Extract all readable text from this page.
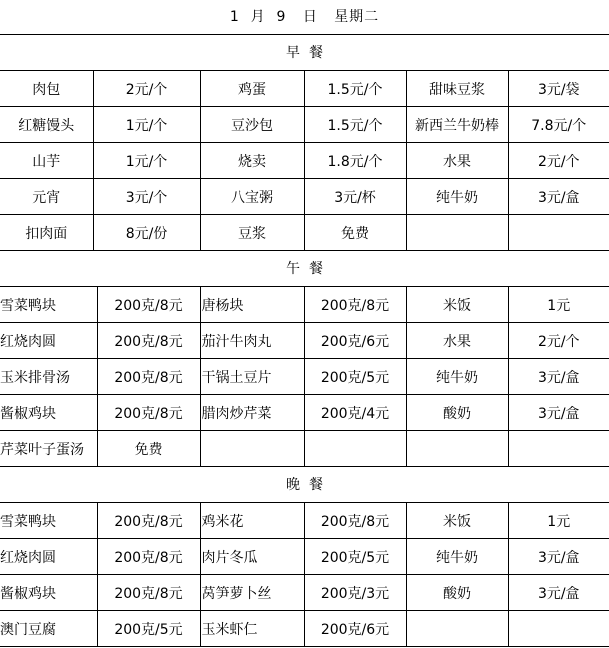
1 月 9 日 星期二
早  餐
肉包	2元/个	鸡蛋	1.5元/个	甜味豆浆	3元/袋
红糖馒头	1元/个	豆沙包	1.5元/个	新西兰牛奶棒	7.8元/个
山芋	1元/个	烧卖	1.8元/个	水果	2元/个
元宵	3元/个	八宝粥	3元/杯	纯牛奶	3元/盒
扣肉面	8元/份	豆浆	免费		
午  餐
雪菜鸭块	200克/8元	唐杨块	200克/8元	米饭	1元
红烧肉圆	200克/8元	茄汁牛肉丸	200克/6元	水果	2元/个
玉米排骨汤	200克/8元	干锅土豆片	200克/5元	纯牛奶	3元/盒
酱椒鸡块	200克/8元	腊肉炒芹菜	200克/4元	酸奶	3元/盒
芹菜叶子蛋汤	免费				
晚  餐
雪菜鸭块	200克/8元	鸡米花	200克/8元	米饭	1元
红烧肉圆	200克/8元	肉片冬瓜	200克/5元	纯牛奶	3元/盒
酱椒鸡块	200克/8元	莴笋萝卜丝	200克/3元	酸奶	3元/盒
澳门豆腐	200克/5元	玉米虾仁	200克/6元		
